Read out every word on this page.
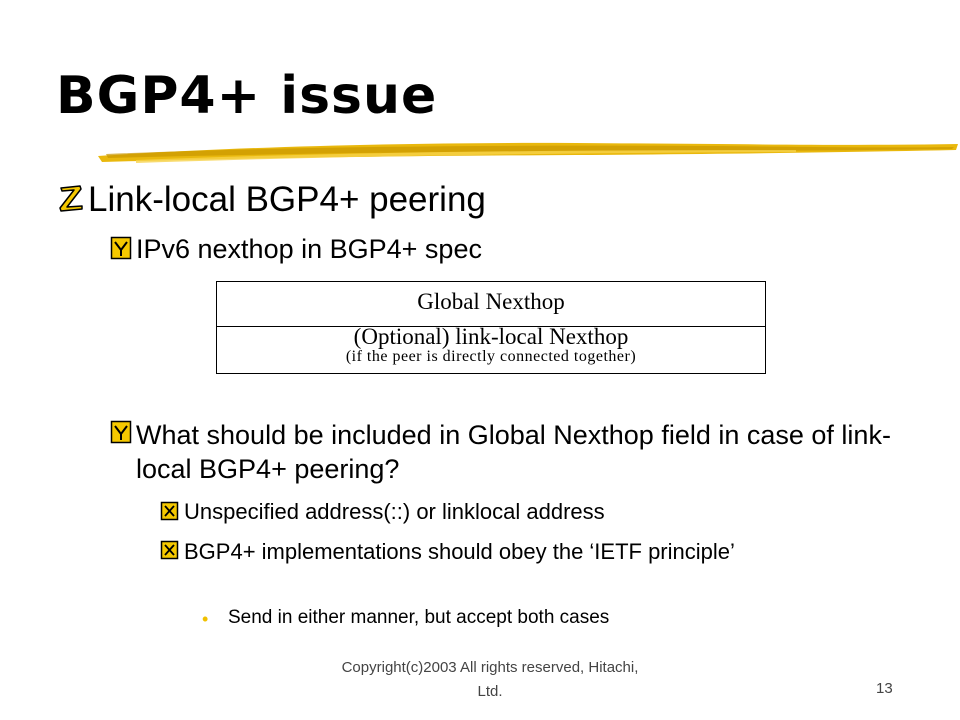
BGP4+ issue
Link-local BGP4+ peering
IPv6 nexthop in BGP4+ spec
Global Nexthop
(Optional) link-local Nexthop
(if the peer is directly connected together)
What should be included in Global Nexthop field in case of link-local BGP4+ peering?
Unspecified address(::) or linklocal address
BGP4+ implementations should obey the ‘IETF principle’
•	Send in either manner, but accept both cases
Copyright(c)2003 All rights reserved, Hitachi, Ltd.	13
